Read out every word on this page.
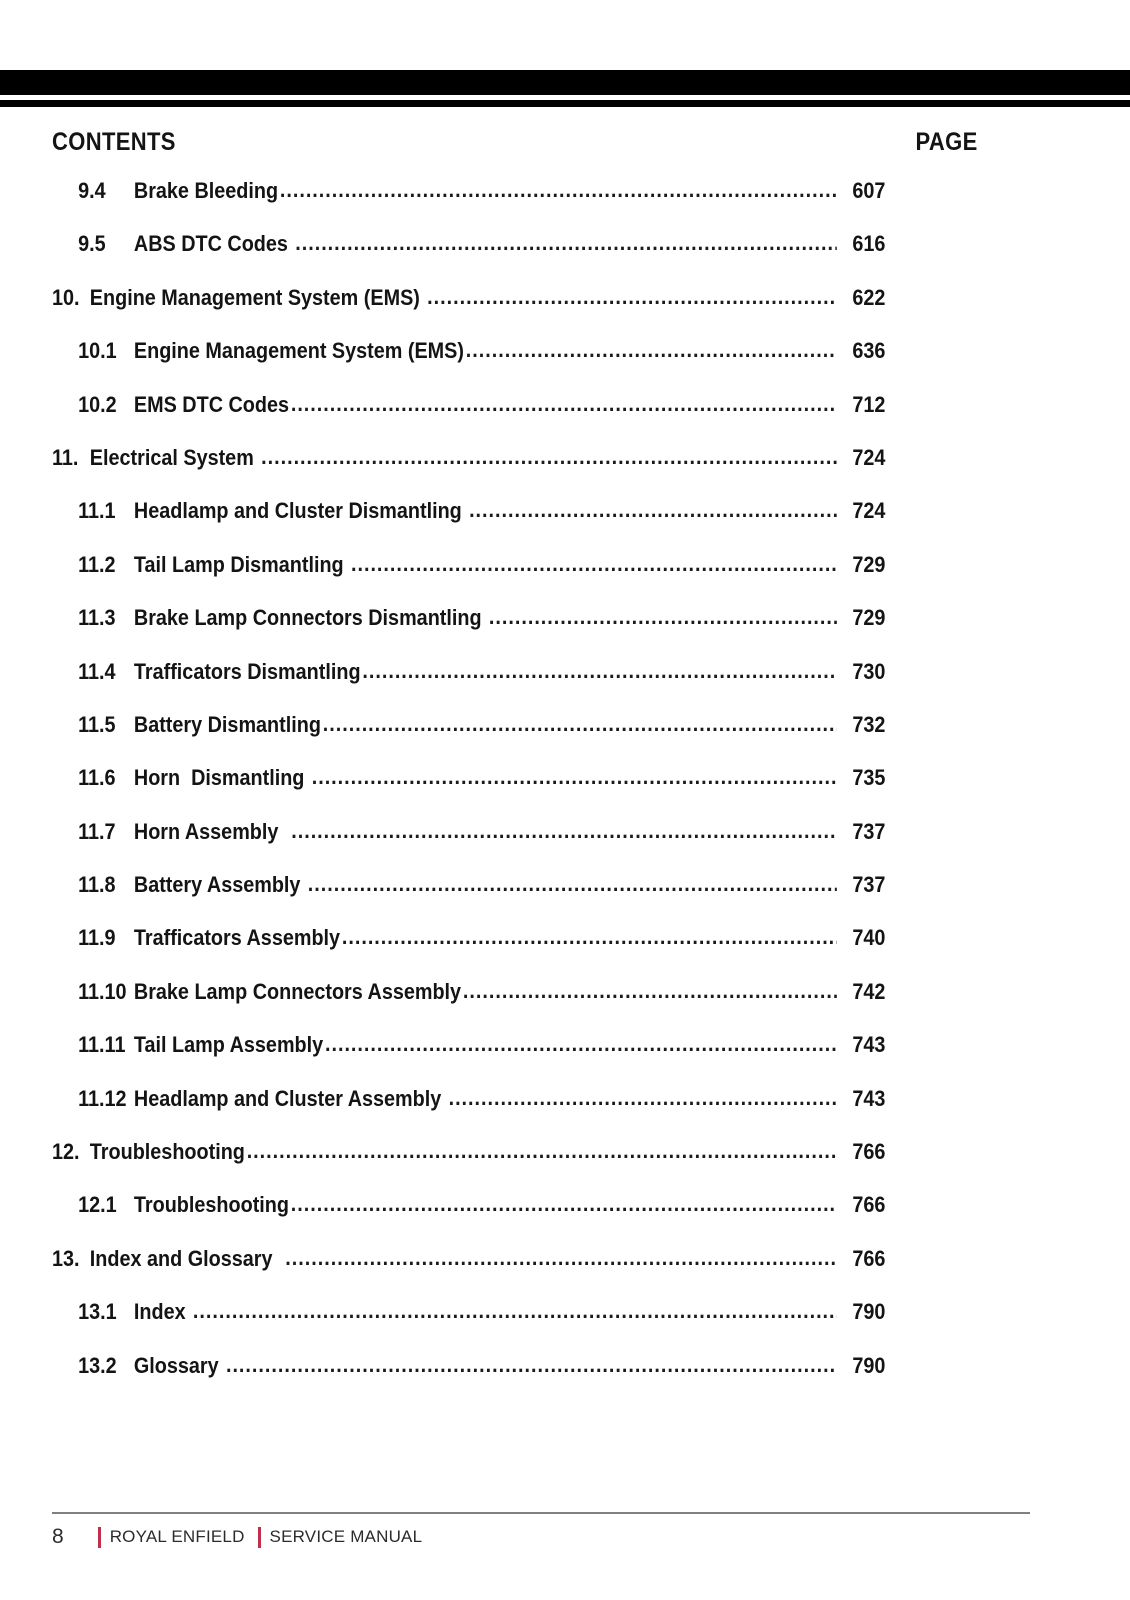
CONTENTS	PAGE
9.4	Brake Bleeding .....	607
9.5	ABS DTC Codes .....	616
10. Engine Management System (EMS) .....	622
10.1 Engine Management System (EMS) .....	636
10.2 EMS DTC Codes .....	712
11. Electrical System .....	724
11.1 Headlamp and Cluster Dismantling .....	724
11.2 Tail Lamp Dismantling .....	729
11.3 Brake Lamp Connectors Dismantling .....	729
11.4 Trafficators Dismantling .....	730
11.5 Battery Dismantling .....	732
11.6 Horn  Dismantling .....	735
11.7 Horn Assembly .....	737
11.8 Battery Assembly .....	737
11.9 Trafficators Assembly .....	740
11.10 Brake Lamp Connectors Assembly .....	742
11.11 Tail Lamp Assembly .....	743
11.12 Headlamp and Cluster Assembly .....	743
12. Troubleshooting .....	766
12.1 Troubleshooting .....	766
13. Index and Glossary .....	766
13.1 Index .....	790
13.2 Glossary .....	790
8	ROYAL ENFIELD SERVICE MANUAL
